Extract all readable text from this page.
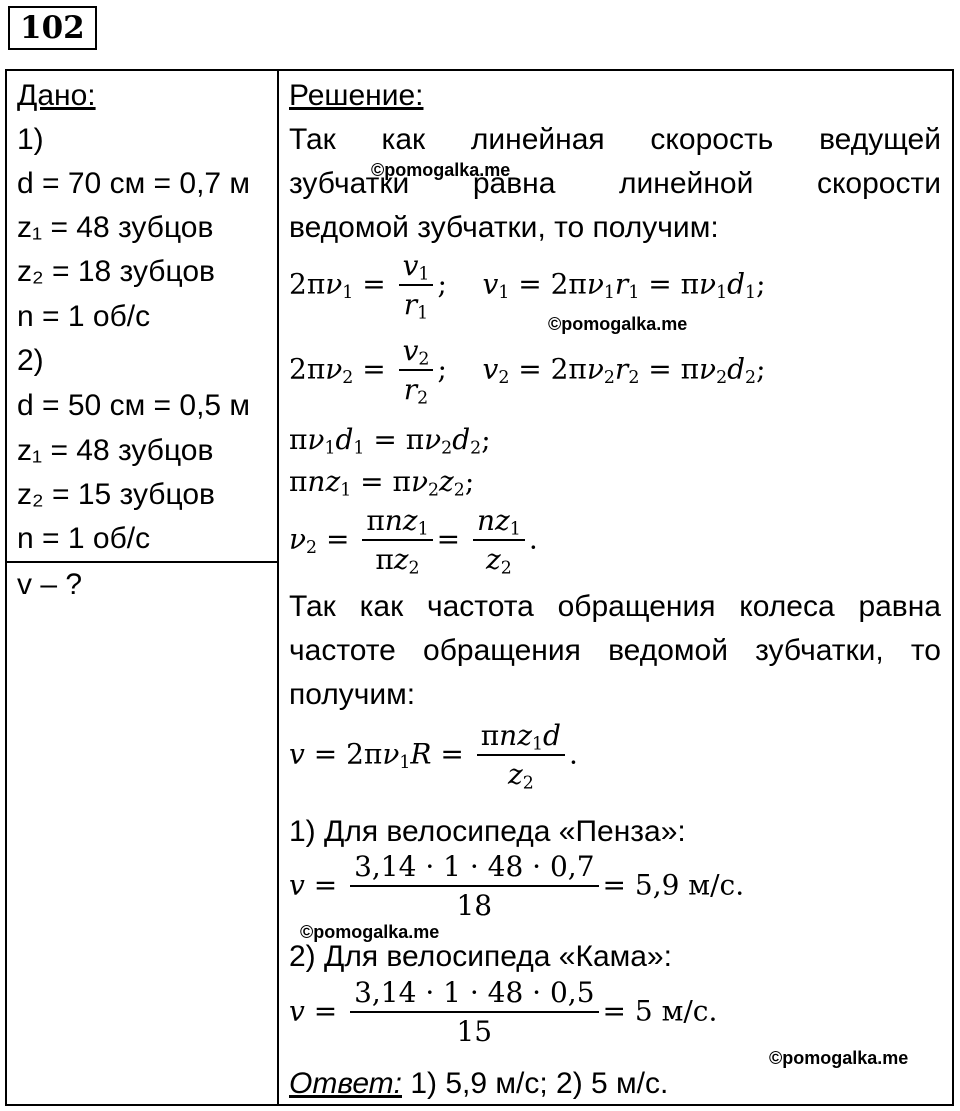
102
Дано:
1)
d = 70 см = 0,7 м
z₁ = 48 зубцов
z₂ = 18 зубцов
n = 1 об/с
2)
d = 50 см = 0,5 м
z₁ = 48 зубцов
z₂ = 15 зубцов
n = 1 об/с
v – ?
Решение:
Так как линейная скорость ведущей
зубчатки равна линейной скорости
ведомой зубчатки, то получим:
$2\pi\nu_1 = \frac{v_1}{r_1}$ ;    $v_1 = 2\pi\nu_1r_1 = \pi\nu_1d_1$;
$2\pi\nu_2 = \frac{v_2}{r_2}$ ;    $v_2 = 2\pi\nu_2r_2 = \pi\nu_2d_2$;
$\pi\nu_1d_1 = \pi\nu_2d_2$;
$\pi nz_1 = \pi\nu_2z_2$;
$\nu_2 = \frac{\pi nz_1}{\pi z_2} = \frac{nz_1}{z_2}$ .
Так как частота обращения колеса равна
частоте обращения ведомой зубчатки, то
получим:
$v = 2\pi\nu_1R = \frac{\pi nz_1d}{z_2}$ .
1) Для велосипеда «Пенза»:
$v = \frac{3,14 \cdot 1 \cdot 48 \cdot 0,7}{18} = 5,9$ м/с.
2) Для велосипеда «Кама»:
$v = \frac{3,14 \cdot 1 \cdot 48 \cdot 0,5}{15} = 5$ м/с.
Ответ: 1) 5,9 м/с; 2) 5 м/с.
©pomogalka.me
©pomogalka.me
©pomogalka.me
©pomogalka.me
